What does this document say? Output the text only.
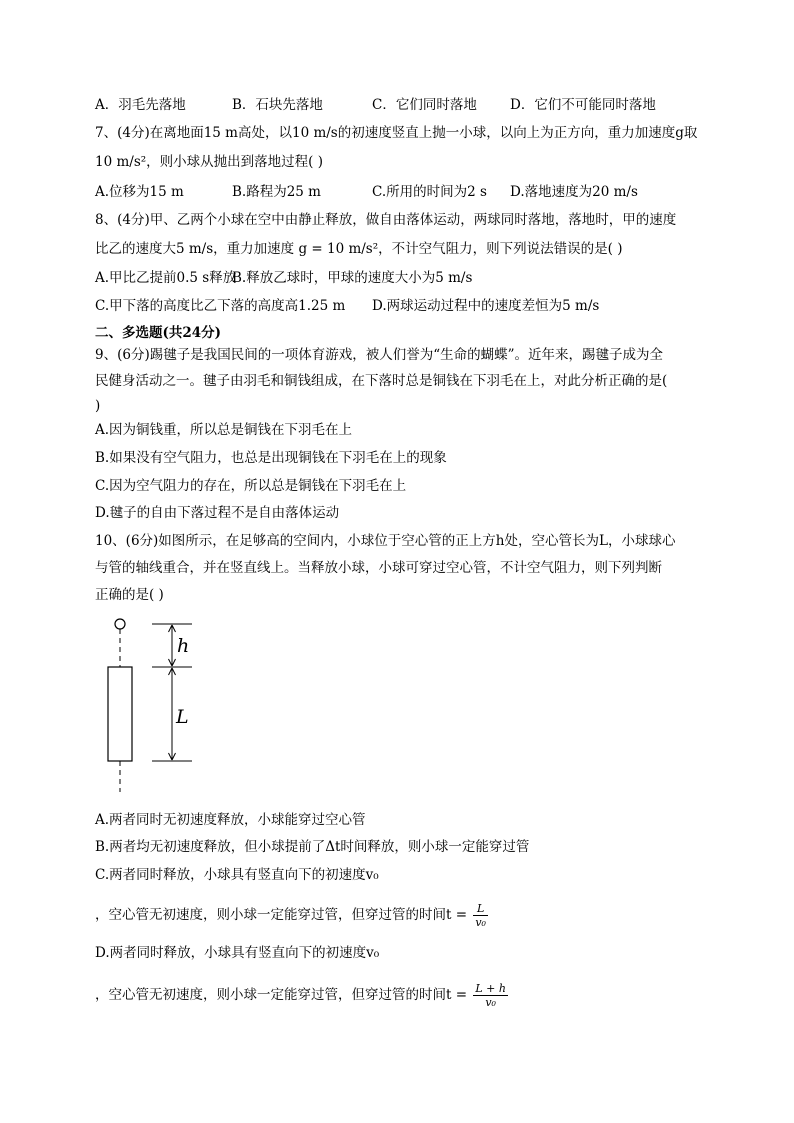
A．羽毛先落地	B．石块先落地	C．它们同时落地 D．它们不可能同时落地
7、(4分)在离地面15 m高处，以10 m/s的初速度竖直上抛一小球，以向上为正方向，重力加速度g取
10 m/s²，则小球从抛出到落地过程( )
A.位移为15 m	B.路程为25 m	C.所用的时间为2 s D.落地速度为20 m/s
8、(4分)甲、乙两个小球在空中由静止释放，做自由落体运动，两球同时落地，落地时，甲的速度
比乙的速度大5 m/s，重力加速度 g = 10 m/s²，不计空气阻力，则下列说法错误的是( )
A.甲比乙提前0.5 s释放
B.释放乙球时，甲球的速度大小为5 m/s
C.甲下落的高度比乙下落的高度高1.25 m D.两球运动过程中的速度差恒为5 m/s
二、多选题(共24分)
9、(6分)踢毽子是我国民间的一项体育游戏，被人们誉为“生命的蝴蝶”。近年来，踢毽子成为全
民健身活动之一。毽子由羽毛和铜钱组成，在下落时总是铜钱在下羽毛在上，对此分析正确的是(
)
A.因为铜钱重，所以总是铜钱在下羽毛在上
B.如果没有空气阻力，也总是出现铜钱在下羽毛在上的现象
C.因为空气阻力的存在，所以总是铜钱在下羽毛在上
D.毽子的自由下落过程不是自由落体运动
10、(6分)如图所示，在足够高的空间内，小球位于空心管的正上方h处，空心管长为L，小球球心
与管的轴线重合，并在竖直线上。当释放小球，小球可穿过空心管，不计空气阻力，则下列判断
正确的是( )
h
L
A.两者同时无初速度释放，小球能穿过空心管
B.两者均无初速度释放，但小球提前了Δt时间释放，则小球一定能穿过管
C.两者同时释放，小球具有竖直向下的初速度v₀
，空心管无初速度，则小球一定能穿过管，但穿过管的时间$t = \frac{L}{\text{v₀}}$
D.两者同时释放，小球具有竖直向下的初速度v₀
，空心管无初速度，则小球一定能穿过管，但穿过管的时间$t = \frac{L + h}{\text{v₀}}$
